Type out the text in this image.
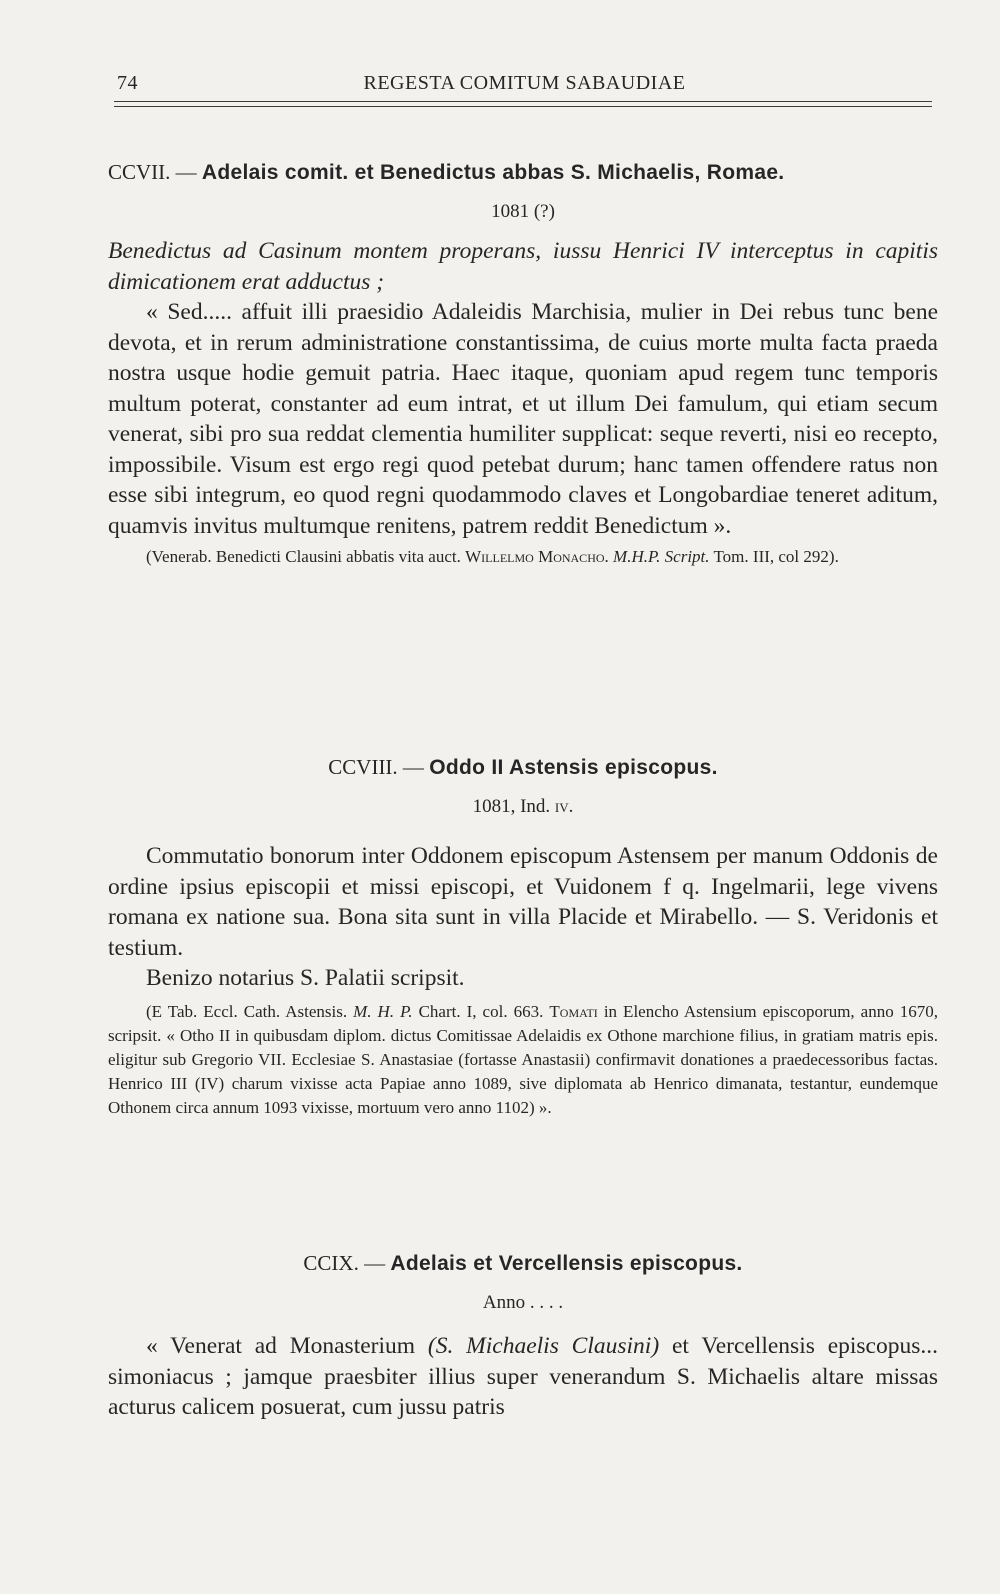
74	REGESTA COMITUM SABAUDIAE
CCVII. — Adelais comit. et Benedictus abbas S. Michaelis, Romae.
1081 (?)
Benedictus ad Casinum montem properans, iussu Henrici IV interceptus in capitis dimicationem erat adductus ;

« Sed..... affuit illi praesidio Adaleidis Marchisia, mulier in Dei rebus tunc bene devota, et in rerum administratione constantissima, de cuius morte multa facta praeda nostra usque hodie gemuit patria. Haec itaque, quoniam apud regem tunc temporis multum poterat, constanter ad eum intrat, et ut illum Dei famulum, qui etiam secum venerat, sibi pro sua reddat clementia humiliter supplicat: seque reverti, nisi eo recepto, impossibile. Visum est ergo regi quod petebat durum; hanc tamen offendere ratus non esse sibi integrum, eo quod regni quodammodo claves et Longobardiae teneret aditum, quamvis invitus multumque renitens, patrem reddit Benedictum ».

(Venerab. Benedicti Clausini abbatis vita auct. Willelmo Monacho. M.H.P. Script. Tom. III, col 292).
CCVIII. — Oddo II Astensis episcopus.
1081, Ind. iv.

Commutatio bonorum inter Oddonem episcopum Astensem per manum Oddonis de ordine ipsius episcopii et missi episcopi, et Vuidonem f q. Ingelmarii, lege vivens romana ex natione sua. Bona sita sunt in villa Placide et Mirabello. — S. Veridonis et testium.

Benizo notarius S. Palatii scripsit.

(E Tab. Eccl. Cath. Astensis. M. H. P. Chart. I, col. 663. Tomati in Elencho Astensium episcoporum, anno 1670, scripsit. « Otho II in quibusdam diplom. dictus Comitissae Adelaidis ex Othone marchione filius, in gratiam matris epis. eligitur sub Gregorio VII. Ecclesiae S. Anastasiae (fortasse Anastasii) confirmavit donationes a praedecessoribus factas. Henrico III (IV) charum vixisse acta Papiae anno 1089, sive diplomata ab Henrico dimanata, testantur, eundemque Othonem circa annum 1093 vixisse, mortuum vero anno 1102) ».
CCIX. — Adelais et Vercellensis episcopus.
Anno . . . .

« Venerat ad Monasterium (S. Michaelis Clausini) et Vercellensis episcopus... simoniacus ; jamque praesbiter illius super venerandum S. Michaelis altare missas acturus calicem posuerat, cum jussu patris
